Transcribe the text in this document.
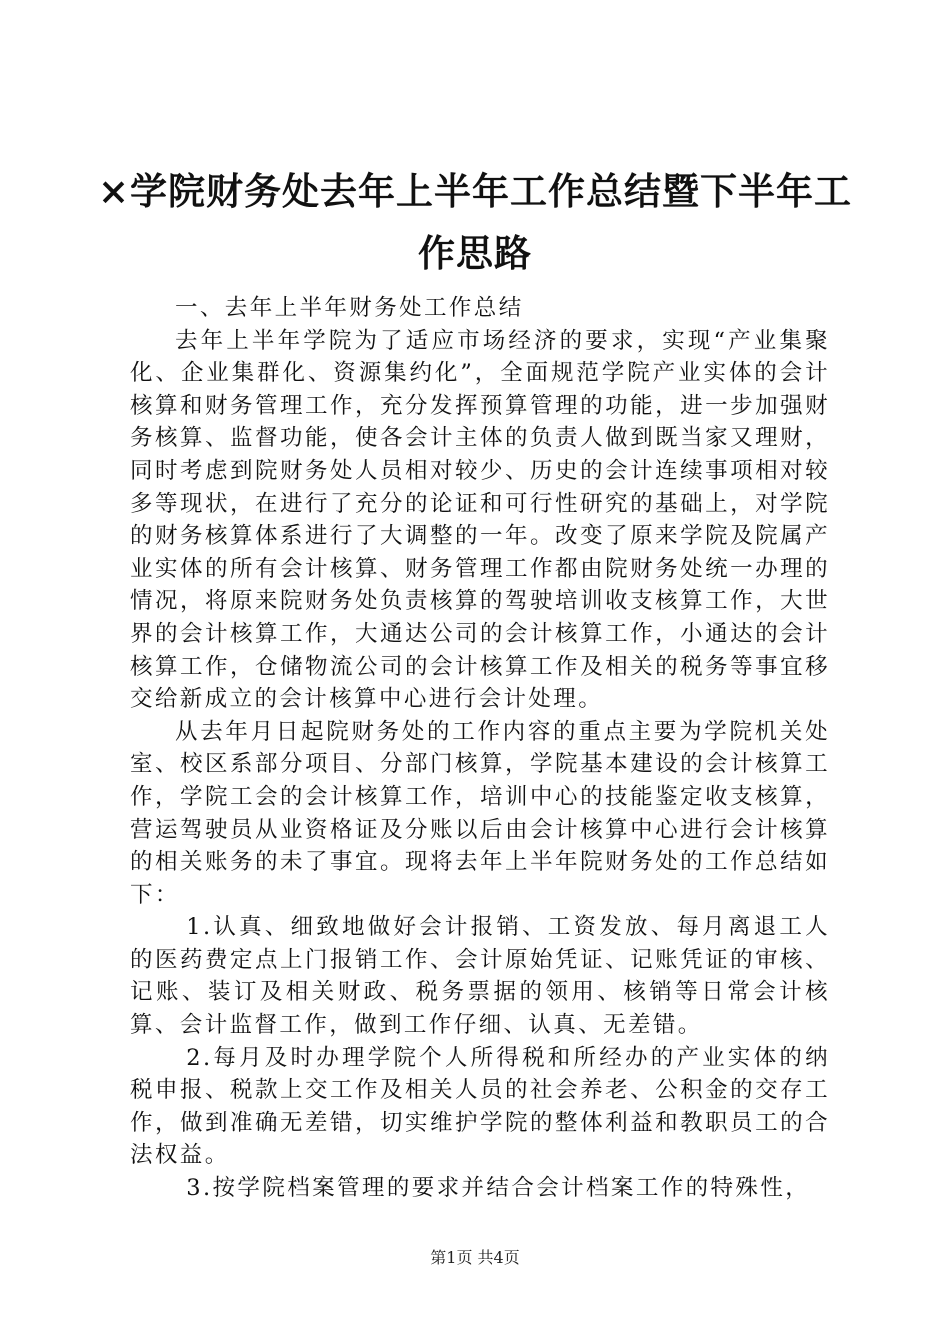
×学院财务处去年上半年工作总结暨下半年工作思路

一、去年上半年财务处工作总结

去年上半年学院为了适应市场经济的要求，实现“产业集聚化、企业集群化、资源集约化”，全面规范学院产业实体的会计核算和财务管理工作，充分发挥预算管理的功能，进一步加强财务核算、监督功能，使各会计主体的负责人做到既当家又理财，同时考虑到院财务处人员相对较少、历史的会计连续事项相对较多等现状，在进行了充分的论证和可行性研究的基础上，对学院的财务核算体系进行了大调整的一年。改变了原来学院及院属产业实体的所有会计核算、财务管理工作都由院财务处统一办理的情况，将原来院财务处负责核算的驾驶培训收支核算工作，大世界的会计核算工作，大通达公司的会计核算工作，小通达的会计核算工作，仓储物流公司的会计核算工作及相关的税务等事宜移交给新成立的会计核算中心进行会计处理。

从去年月日起院财务处的工作内容的重点主要为学院机关处室、校区系部分项目、分部门核算，学院基本建设的会计核算工作，学院工会的会计核算工作，培训中心的技能鉴定收支核算，营运驾驶员从业资格证及分账以后由会计核算中心进行会计核算的相关账务的未了事宜。现将去年上半年院财务处的工作总结如下：

1.认真、细致地做好会计报销、工资发放、每月离退工人的医药费定点上门报销工作、会计原始凭证、记账凭证的审核、记账、装订及相关财政、税务票据的领用、核销等日常会计核算、会计监督工作，做到工作仔细、认真、无差错。

2.每月及时办理学院个人所得税和所经办的产业实体的纳税申报、税款上交工作及相关人员的社会养老、公积金的交存工作，做到准确无差错，切实维护学院的整体利益和教职员工的合法权益。

3.按学院档案管理的要求并结合会计档案工作的特殊性，

第1页 共4页
